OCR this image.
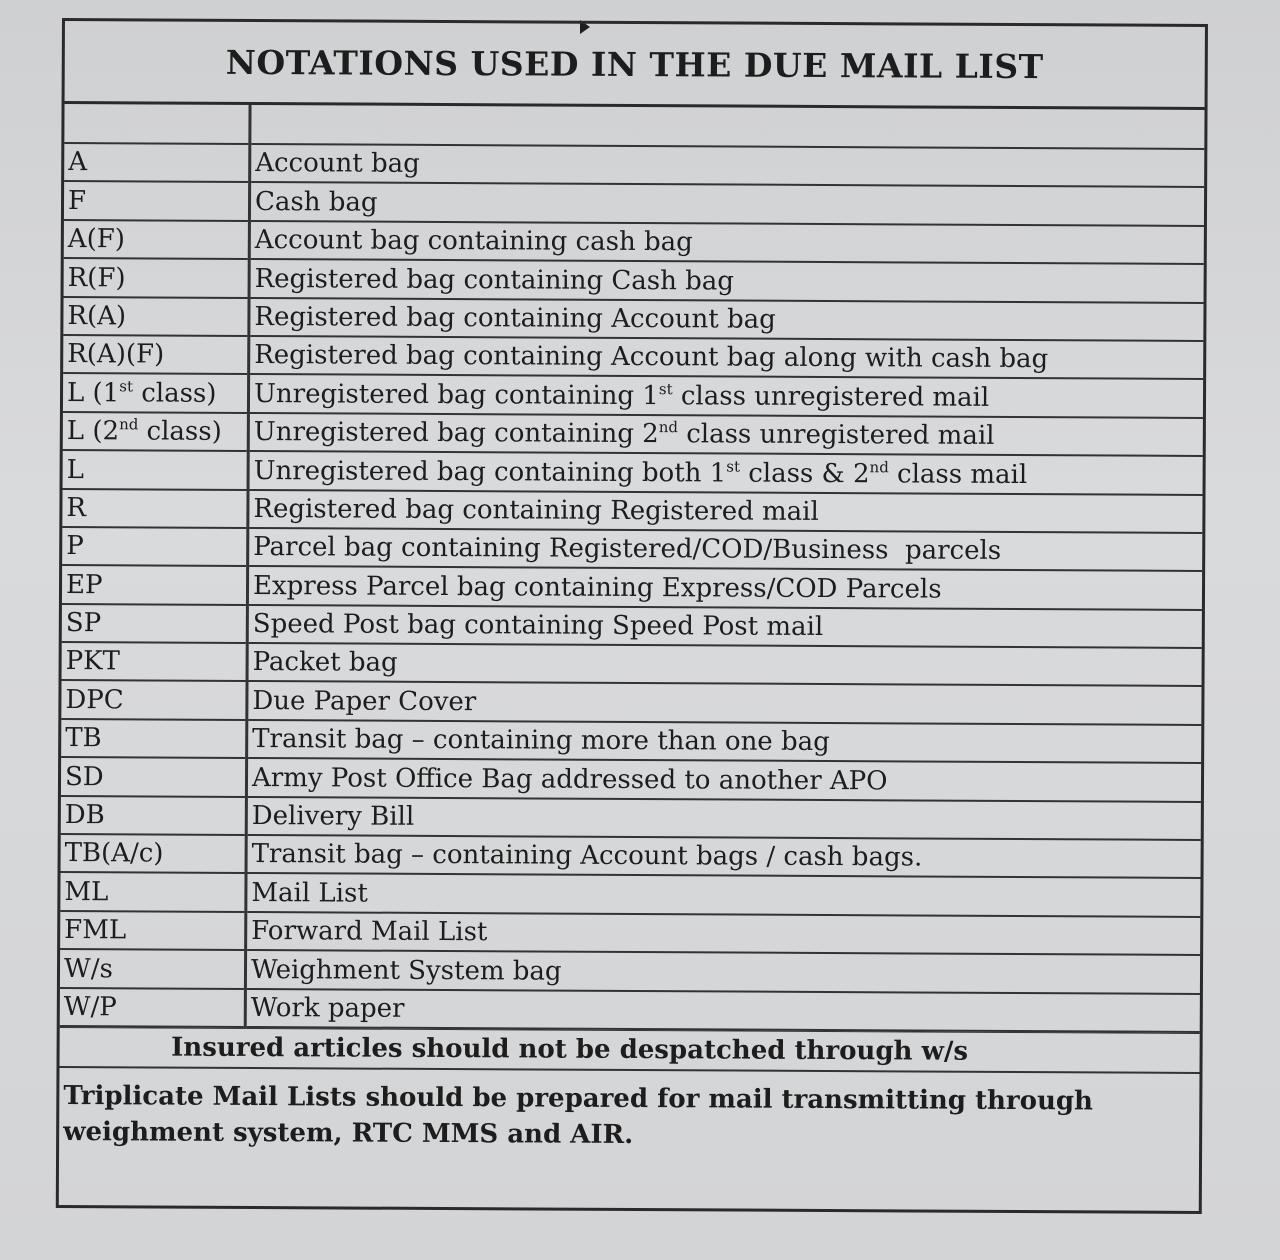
NOTATIONS USED IN THE DUE MAIL LIST

A	Account bag
F	Cash bag
A(F)	Account bag containing cash bag
R(F)	Registered bag containing Cash bag
R(A)	Registered bag containing Account bag
R(A)(F)	Registered bag containing Account bag along with cash bag
L (1st class)	Unregistered bag containing 1st class unregistered mail
L (2nd class)	Unregistered bag containing 2nd class unregistered mail
L	Unregistered bag containing both 1st class & 2nd class mail
R	Registered bag containing Registered mail
P	Parcel bag containing Registered/COD/Business  parcels
EP	Express Parcel bag containing Express/COD Parcels
SP	Speed Post bag containing Speed Post mail
PKT	Packet bag
DPC	Due Paper Cover
TB	Transit bag – containing more than one bag
SD	Army Post Office Bag addressed to another APO
DB	Delivery Bill
TB(A/c)	Transit bag – containing Account bags / cash bags.
ML	Mail List
FML	Forward Mail List
W/s	Weighment System bag
W/P	Work paper
Insured articles should not be despatched through w/s
Triplicate Mail Lists should be prepared for mail transmitting through weighment system, RTC MMS and AIR.
